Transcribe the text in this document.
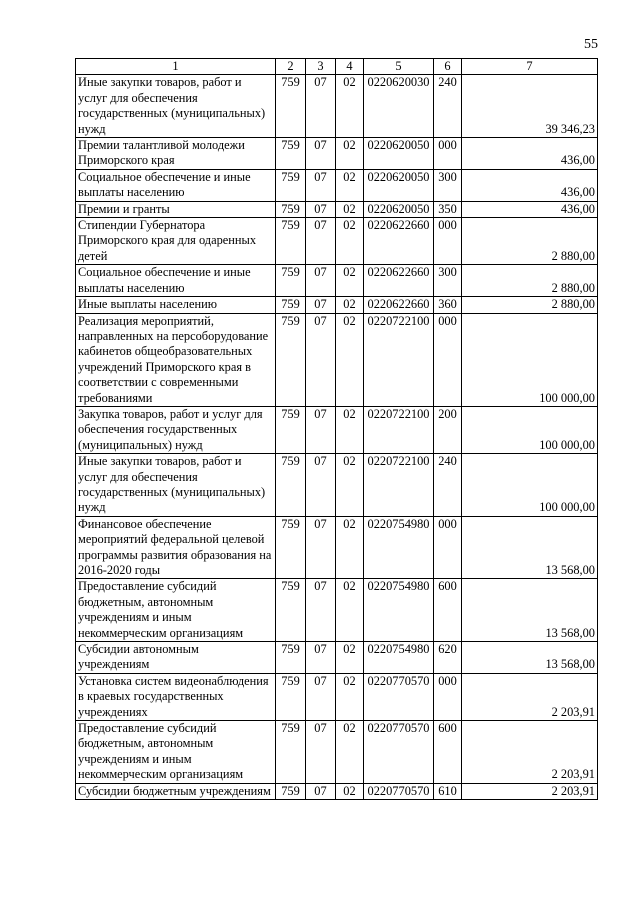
55
1	2	3	4	5	6	7
Иные закупки товаров, работ и услуг для обеспечения государственных (муниципальных) нужд	759	07	02	0220620030	240	39 346,23
Премии талантливой молодежи Приморского края	759	07	02	0220620050	000	436,00
Социальное обеспечение и иные выплаты населению	759	07	02	0220620050	300	436,00
Премии и гранты	759	07	02	0220620050	350	436,00
Стипендии Губернатора Приморского края для одаренных детей	759	07	02	0220622660	000	2 880,00
Социальное обеспечение и иные выплаты населению	759	07	02	0220622660	300	2 880,00
Иные выплаты населению	759	07	02	0220622660	360	2 880,00
Реализация мероприятий, направленных на персоборудование кабинетов общеобразовательных учреждений Приморского края в соответствии с современными требованиями	759	07	02	0220722100	000	100 000,00
Закупка товаров, работ и услуг для обеспечения государственных (муниципальных) нужд	759	07	02	0220722100	200	100 000,00
Иные закупки товаров, работ и услуг для обеспечения государственных (муниципальных) нужд	759	07	02	0220722100	240	100 000,00
Финансовое обеспечение мероприятий федеральной целевой программы развития образования на 2016-2020 годы	759	07	02	0220754980	000	13 568,00
Предоставление субсидий бюджетным, автономным учреждениям и иным некоммерческим организациям	759	07	02	0220754980	600	13 568,00
Субсидии автономным учреждениям	759	07	02	0220754980	620	13 568,00
Установка систем видеонаблюдения в краевых государственных учреждениях	759	07	02	0220770570	000	2 203,91
Предоставление субсидий бюджетным, автономным учреждениям и иным некоммерческим организациям	759	07	02	0220770570	600	2 203,91
Субсидии бюджетным учреждениям	759	07	02	0220770570	610	2 203,91
